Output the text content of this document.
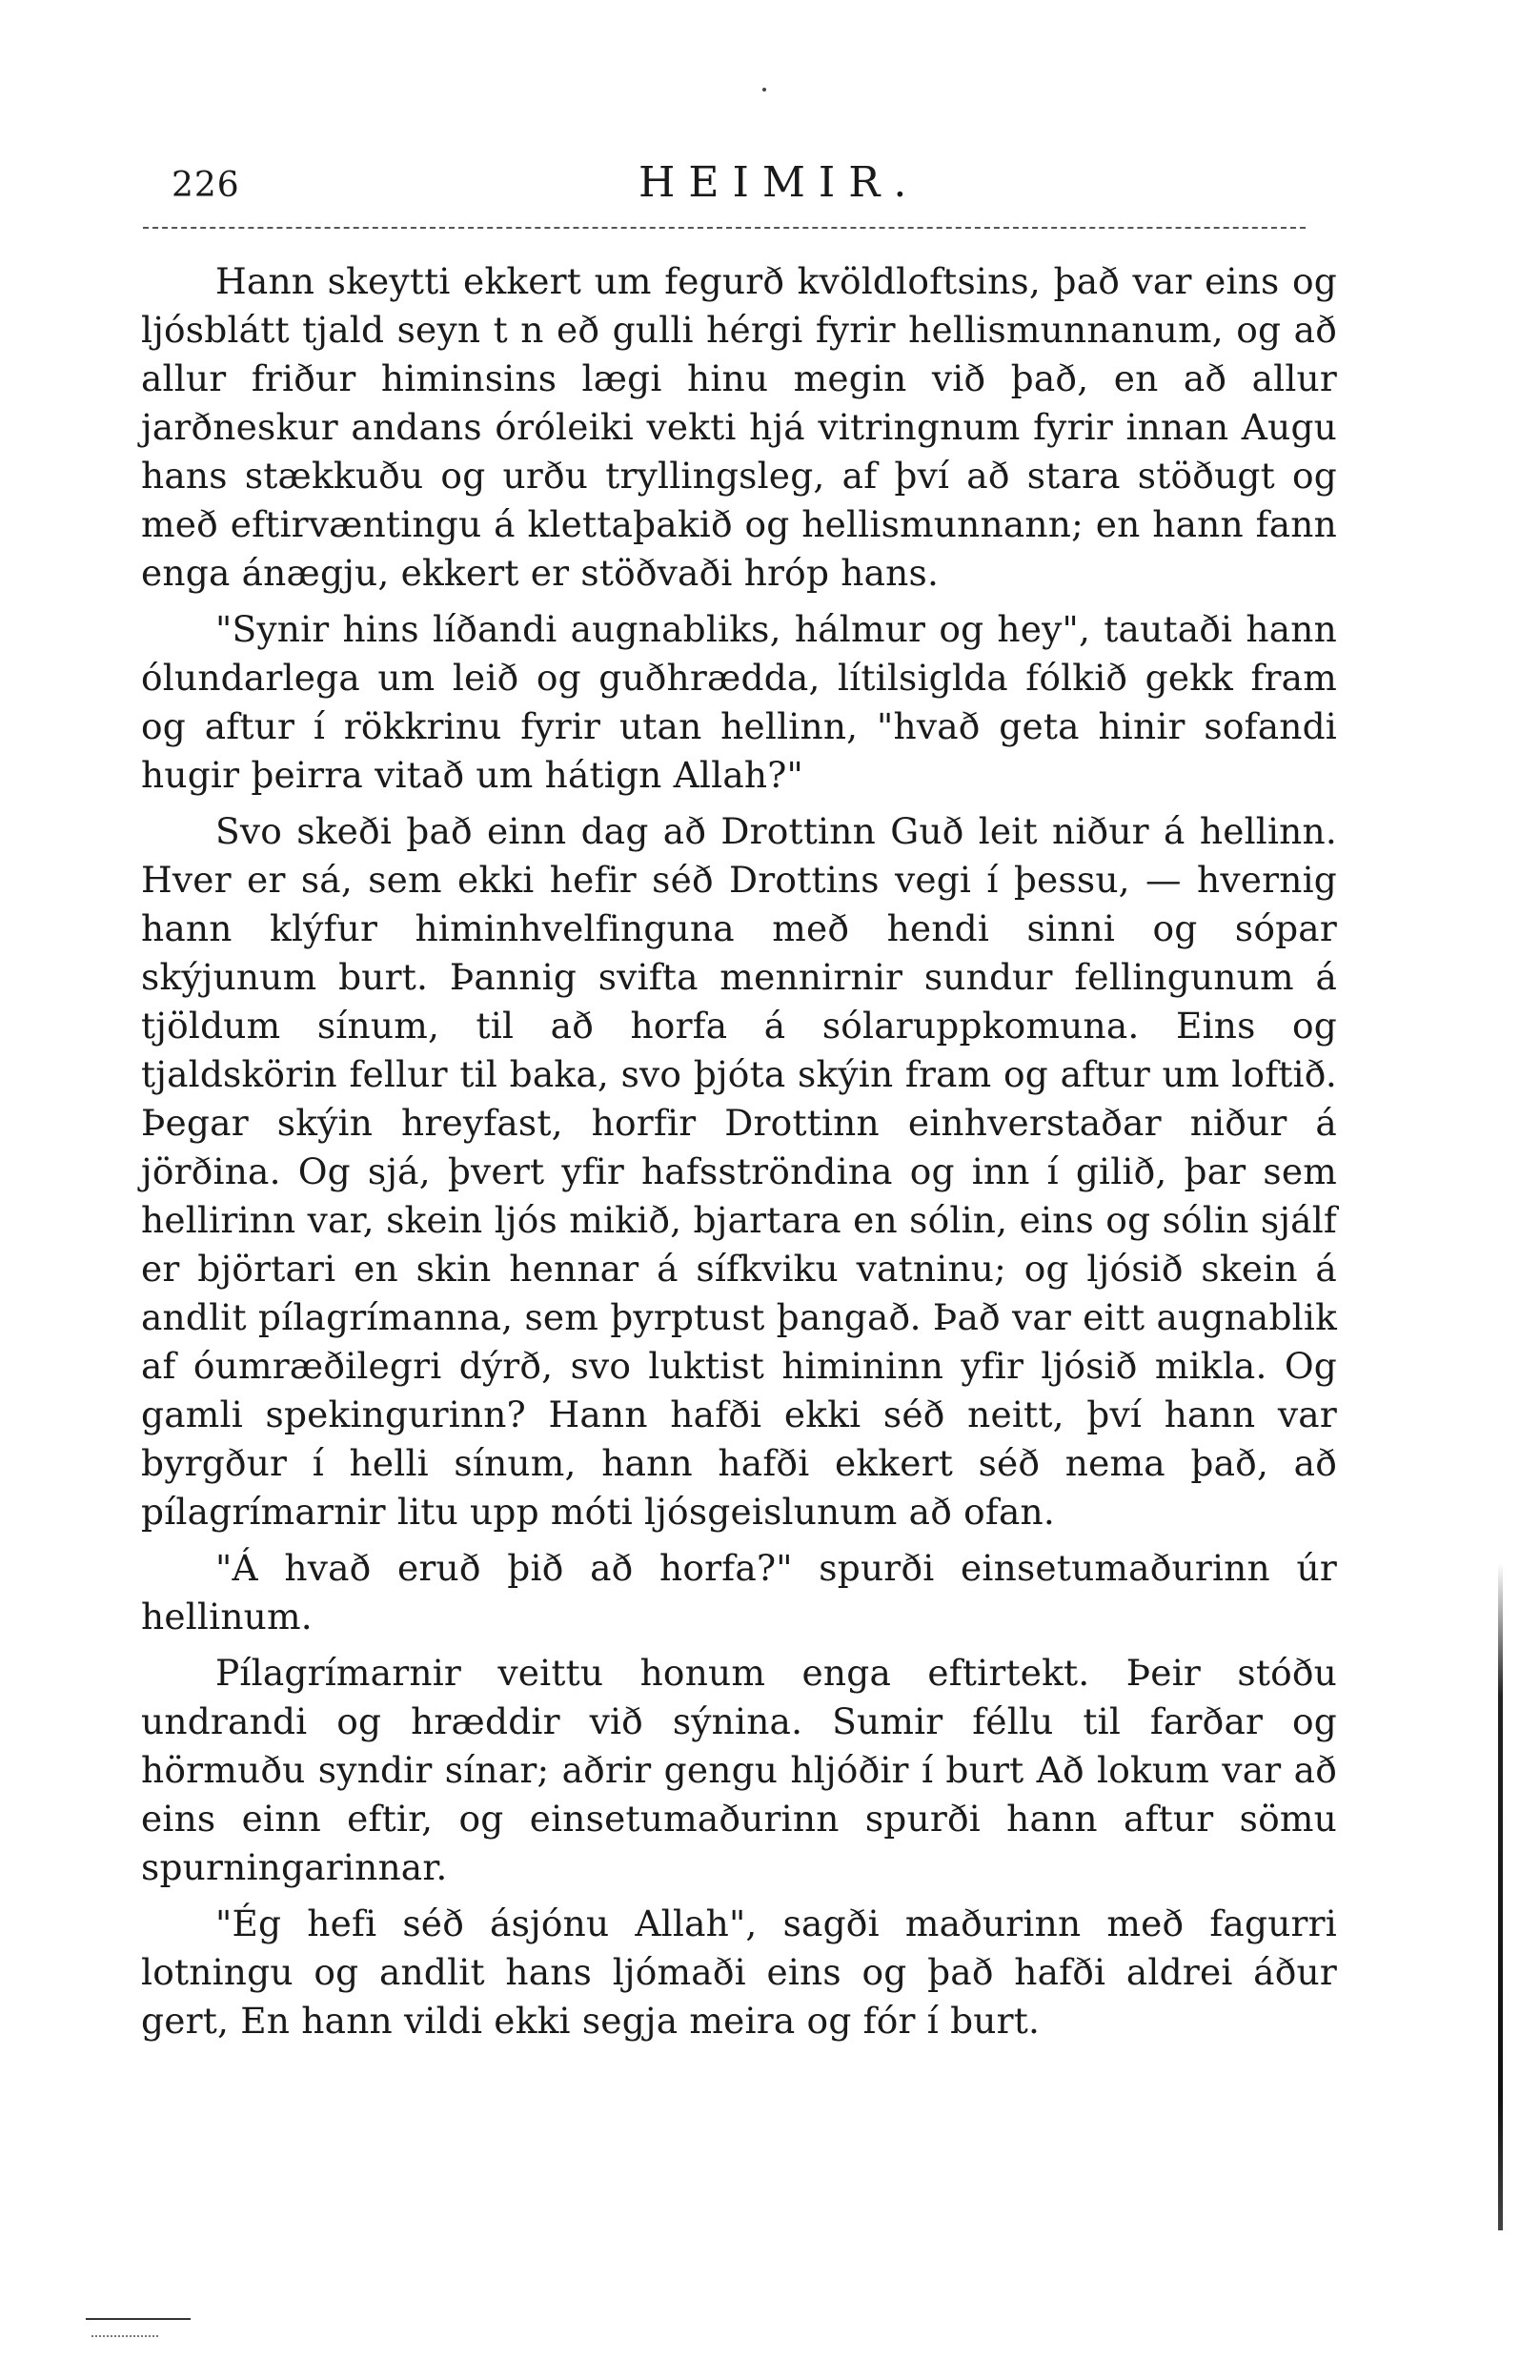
226	HEIMIR.

Hann skeytti ekkert um fegurð kvöldloftsins, það var eins og ljósblátt tjald seyn t n eð gulli hérgi fyrir hellismunnanum, og að allur friður himinsins lægi hinu megin við það, en að allur jarðneskur andans óróleiki vekti hjá vitringnum fyrir innan Augu hans stækkuðu og urðu tryllingsleg, af því að stara stöðugt og með eftirvæntingu á klettaþakið og hellismunnann; en hann fann enga ánægju, ekkert er stöðvaði hróp hans.

"Synir hins líðandi augnabliks, hálmur og hey", tautaði hann ólundarlega um leið og guðhrædda, lítilsiglda fólkið gekk fram og aftur í rökkrinu fyrir utan hellinn, "hvað geta hinir sofandi hugir þeirra vitað um hátign Allah?"

Svo skeði það einn dag að Drottinn Guð leit niður á hellinn. Hver er sá, sem ekki hefir séð Drottins vegi í þessu, — hvernig hann klýfur himinhvelfinguna með hendi sinni og sópar skýjunum burt. Þannig svifta mennirnir sundur fellingunum á tjöldum sínum, til að horfa á sólaruppkomuna. Eins og tjaldskörin fellur til baka, svo þjóta skýin fram og aftur um loftið. Þegar skýin hreyfast, horfir Drottinn einhverstaðar niður á jörðina. Og sjá, þvert yfir hafsströndina og inn í gilið, þar sem hellirinn var, skein ljós mikið, bjartara en sólin, eins og sólin sjálf er björtari en skin hennar á sífkviku vatninu; og ljósið skein á andlit pílagrímanna, sem þyrptust þangað. Það var eitt augnablik af óumræðilegri dýrð, svo luktist himininn yfir ljósið mikla. Og gamli spekingurinn? Hann hafði ekki séð neitt, því hann var byrgður í helli sínum, hann hafði ekkert séð nema það, að pílagrímarnir litu upp móti ljósgeislunum að ofan.

"Á hvað eruð þið að horfa?" spurði einsetumaðurinn úr hellinum.

Pílagrímarnir veittu honum enga eftirtekt. Þeir stóðu undrandi og hræddir við sýnina. Sumir féllu til farðar og hörmuðu syndir sínar; aðrir gengu hljóðir í burt Að lokum var að eins einn eftir, og einsetumaðurinn spurði hann aftur sömu spurningarinnar.

"Ég hefi séð ásjónu Allah", sagði maðurinn með fagurri lotningu og andlit hans ljómaði eins og það hafði aldrei áður gert, En hann vildi ekki segja meira og fór í burt.
